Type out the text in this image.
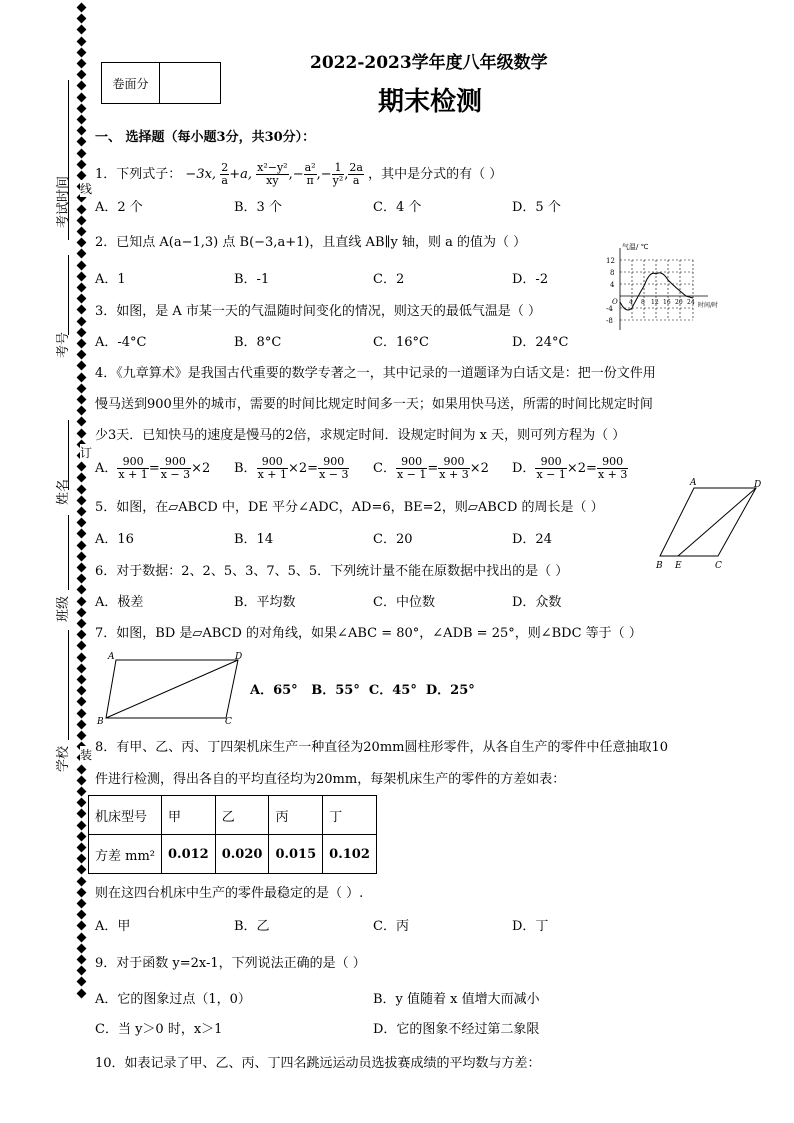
考试时间
考号
姓名
班级
学校
线
订
装
卷面分
2022-2023学年度八年级数学
期末检测
一、 选择题（每小题3分，共30分）：
1．下列式子： −3x, $\frac{2}{a} +a$, $\frac{\text{x²−y²}}{xy}$ ,− $\frac{\text{a²}}{\pi}$ ,− $\frac{1}{\text{y²}}$ , $\frac{2a}{a}$ ，其中是分式的有（ ）
A．2 个	B．3 个	C．4 个	D．5 个
2．已知点 A(a−1,3) 点 B(−3,a+1)，且直线 AB∥y 轴，则 a 的值为（ ）
A．1	B．-1	C．2	D．-2
气温/ ℃
时间/时
O
12
8
4
-4
-8
4 8 12 16 20 24
3．如图，是 A 市某一天的气温随时间变化的情况，则这天的最低气温是（ ）
A．-4°C	B．8°C	C．16°C	D．24°C
4．《九章算术》是我国古代重要的数学专著之一，其中记录的一道题译为白话文是：把一份文件用
慢马送到900里外的城市，需要的时间比规定时间多一天；如果用快马送，所需的时间比规定时间
少3天．已知快马的速度是慢马的2倍，求规定时间．设规定时间为 x 天，则可列方程为（ ）
A． $\frac{900}{x + 1} = \frac{900}{x - 3} \times 2$ B． $\frac{900}{x + 1} \times 2= \frac{900}{x - 3}$ C． $\frac{900}{x - 1} = \frac{900}{x + 3} \times 2$ D． $\frac{900}{x - 1} \times 2= \frac{900}{x + 3}$
A	D
B E	C
5．如图，在▱ABCD 中，DE 平分∠ADC，AD=6，BE=2，则▱ABCD 的周长是（ ）
A．16	B．14	C．20	D．24
6．对于数据：2、2、5、3、7、5、5．下列统计量不能在原数据中找出的是（ ）
A．极差	B．平均数	C．中位数	D．众数
7．如图，BD 是▱ABCD 的对角线，如果∠ABC = 80°，∠ADB = 25°，则∠BDC 等于（ ）
A	D
B	C
A．65°   B．55°  C．45°  D．25°
8．有甲、乙、丙、丁四架机床生产一种直径为20mm圆柱形零件，从各自生产的零件中任意抽取10
件进行检测，得出各自的平均直径均为20mm，每架机床生产的零件的方差如表：
机床型号	甲	乙	丙	丁
方差 mm²	0.012	0.020	0.015	0.102
则在这四台机床中生产的零件最稳定的是（ ）.
A．甲	B．乙	C．丙	D．丁
9．对于函数 y=2x-1，下列说法正确的是（ ）
A．它的图象过点（1，0）	B．y 值随着 x 值增大而减小
C．当 y＞0 时，x＞1	D．它的图象不经过第二象限
10．如表记录了甲、乙、丙、丁四名跳远运动员选拔赛成绩的平均数与方差：
